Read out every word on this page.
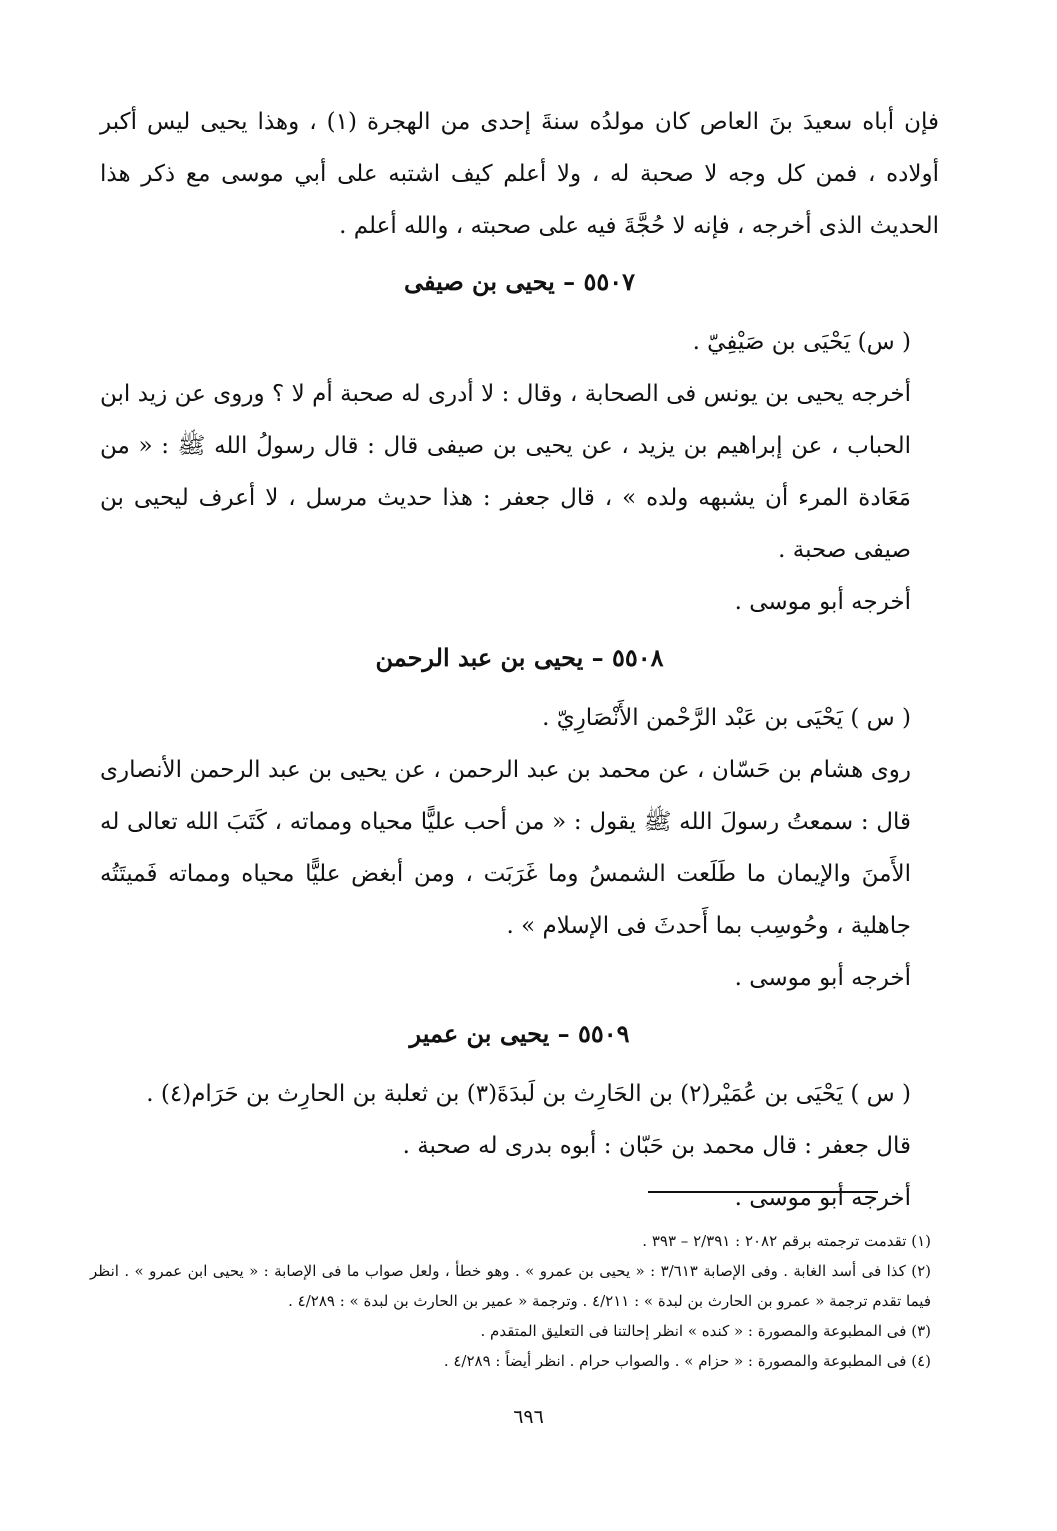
فإن أباه سعيدَ بنَ العاص كان مولدُه سنةَ إحدى من الهجرة (١) ، وهذا يحيى ليس أكبر أولاده ، فمن كل وجه لا صحبة له ، ولا أعلم كيف اشتبه على أبي موسى مع ذكر هذا الحديث الذى أخرجه ، فإنه لا حُجَّةَ فيه على صحبته ، والله أعلم .

٥٥٠٧ – يحيى بن صيفى

( س) يَحْيَى بن صَيْفِيّ .

أخرجه يحيى بن يونس فى الصحابة ، وقال : لا أدرى له صحبة أم لا ؟ وروى عن زيد ابن الحباب ، عن إبراهيم بن يزيد ، عن يحيى بن صيفى قال : قال رسولُ الله ﷺ : « من مَعَادة المرء أن يشبهه ولده » ، قال جعفر : هذا حديث مرسل ، لا أعرف ليحيى بن صيفى صحبة .

أخرجه أبو موسى .

٥٥٠٨ – يحيى بن عبد الرحمن

( س ) يَحْيَى بن عَبْد الرَّحْمن الأَنْصَارِيّ .

روى هشام بن حَسّان ، عن محمد بن عبد الرحمن ، عن يحيى بن عبد الرحمن الأنصارى قال : سمعتُ رسولَ الله ﷺ يقول : « من أحب عليًّا محياه ومماته ، كَتَبَ الله تعالى له الأَمنَ والإيمان ما طَلَعت الشمسُ وما غَرَبَت ، ومن أبغض عليًّا محياه ومماته فَميتَتُه جاهلية ، وحُوسِب بما أَحدثَ فى الإسلام » .

أخرجه أبو موسى .

٥٥٠٩ – يحيى بن عمير

( س ) يَحْيَى بن عُمَيْر(٢) بن الحَارِث بن لَبدَةَ(٣) بن ثعلبة بن الحارِث بن حَرَام(٤) .

قال جعفر : قال محمد بن حَبّان : أبوه بدرى له صحبة .

أخرجه أبو موسى .

(١) تقدمت ترجمته برقم ٢٠٨٢ : ٢/٣٩١ – ٣٩٣ .

(٢) كذا فى أسد الغابة . وفى الإصابة ٣/٦١٣ : « يحيى بن عمرو » . وهو خطأ ، ولعل صواب ما فى الإصابة : « يحيى ابن عمرو » . انظر فيما تقدم ترجمة « عمرو بن الحارث بن لبدة » : ٤/٢١١ . وترجمة « عمير بن الحارث بن لبدة » : ٤/٢٨٩ .

(٣) فى المطبوعة والمصورة : « كنده » انظر إحالتنا فى التعليق المتقدم .

(٤) فى المطبوعة والمصورة : « حزام » . والصواب حرام . انظر أيضاً : ٤/٢٨٩ .

٦٩٦
